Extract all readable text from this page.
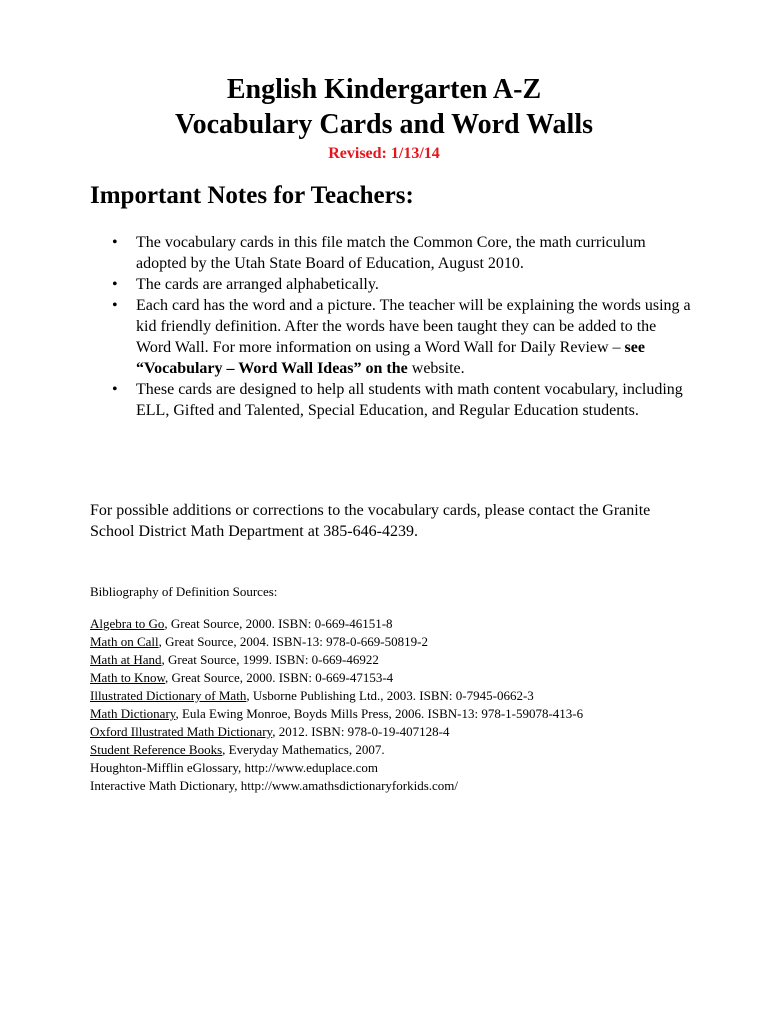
English Kindergarten A-Z
Vocabulary Cards and Word Walls
Revised: 1/13/14
Important Notes for Teachers:
• The vocabulary cards in this file match the Common Core, the math curriculum adopted by the Utah State Board of Education, August 2010.
• The cards are arranged alphabetically.
• Each card has the word and a picture. The teacher will be explaining the words using a kid friendly definition. After the words have been taught they can be added to the Word Wall. For more information on using a Word Wall for Daily Review – see “Vocabulary – Word Wall Ideas” on the website.
• These cards are designed to help all students with math content vocabulary, including ELL, Gifted and Talented, Special Education, and Regular Education students.

For possible additions or corrections to the vocabulary cards, please contact the Granite School District Math Department at 385-646-4239.

Bibliography of Definition Sources:

Algebra to Go, Great Source, 2000. ISBN: 0-669-46151-8
Math on Call, Great Source, 2004. ISBN-13: 978-0-669-50819-2
Math at Hand, Great Source, 1999. ISBN: 0-669-46922
Math to Know, Great Source, 2000. ISBN: 0-669-47153-4
Illustrated Dictionary of Math, Usborne Publishing Ltd., 2003. ISBN: 0-7945-0662-3
Math Dictionary, Eula Ewing Monroe, Boyds Mills Press, 2006. ISBN-13: 978-1-59078-413-6
Oxford Illustrated Math Dictionary, 2012. ISBN: 978-0-19-407128-4
Student Reference Books, Everyday Mathematics, 2007.
Houghton-Mifflin eGlossary, http://www.eduplace.com
Interactive Math Dictionary, http://www.amathsdictionaryforkids.com/
